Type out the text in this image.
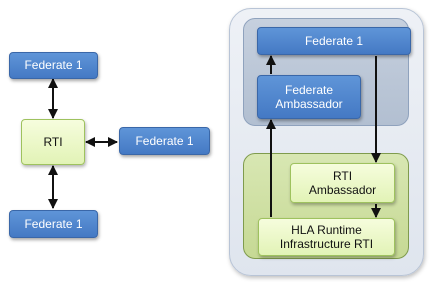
Federate 1
RTI	Federate 1
Federate 1
Federate 1
Federate
Ambassador
RTI
Ambassador
HLA Runtime
Infrastructure RTI
